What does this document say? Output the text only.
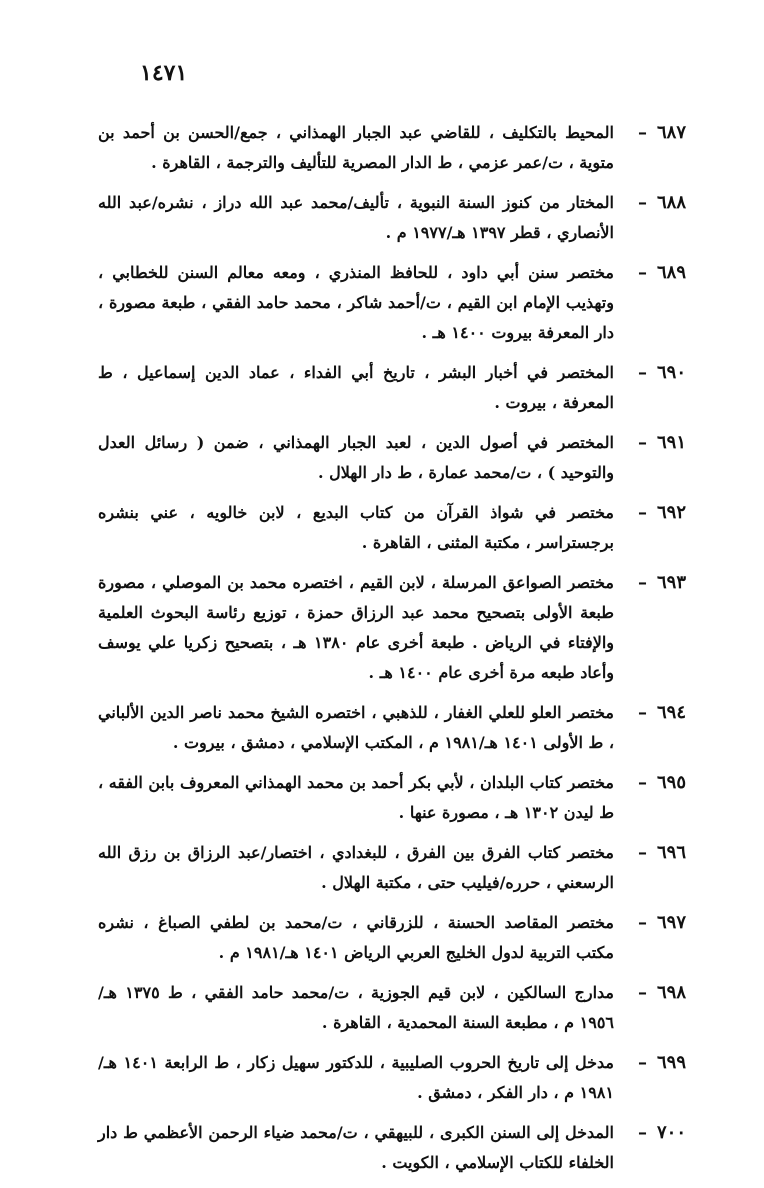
١٤٧١
٦٨٧–
المحيط بالتكليف ، للقاضي عبد الجبار الهمذاني ، جمع/الحسن بن أحمد بن متوية ، ت/عمر عزمي ، ط الدار المصرية للتأليف والترجمة ، القاهرة .
٦٨٨–
المختار من كنوز السنة النبوية ، تأليف/محمد عبد الله دراز ، نشره/عبد الله الأنصاري ، قطر ١٣٩٧ هـ/١٩٧٧ م .
٦٨٩–
مختصر سنن أبي داود ، للحافظ المنذري ، ومعه معالم السنن للخطابي ، وتهذيب الإمام ابن القيم ، ت/أحمد شاكر ، محمد حامد الفقي ، طبعة مصورة ، دار المعرفة بيروت ١٤٠٠ هـ .
٦٩٠–
المختصر في أخبار البشر ، تاريخ أبي الفداء ، عماد الدين إسماعيل ، ط المعرفة ، بيروت .
٦٩١–
المختصر في أصول الدين ، لعبد الجبار الهمذاني ، ضمن ( رسائل العدل والتوحيد ) ، ت/محمد عمارة ، ط دار الهلال .
٦٩٢–
مختصر في شواذ القرآن من كتاب البديع ، لابن خالويه ، عني بنشره برجستراسر ، مكتبة المثنى ، القاهرة .
٦٩٣–
مختصر الصواعق المرسلة ، لابن القيم ، اختصره محمد بن الموصلي ، مصورة طبعة الأولى بتصحيح محمد عبد الرزاق حمزة ، توزيع رئاسة البحوث العلمية والإفتاء في الرياض . طبعة أخرى عام ١٣٨٠ هـ ، بتصحيح زكريا علي يوسف وأعاد طبعه مرة أخرى عام ١٤٠٠ هـ .
٦٩٤–
مختصر العلو للعلي الغفار ، للذهبي ، اختصره الشيخ محمد ناصر الدين الألباني ، ط الأولى ١٤٠١ هـ/١٩٨١ م ، المكتب الإسلامي ، دمشق ، بيروت .
٦٩٥–
مختصر كتاب البلدان ، لأبي بكر أحمد بن محمد الهمذاني المعروف بابن الفقه ، ط ليدن ١٣٠٢ هـ ، مصورة عنها .
٦٩٦–
مختصر كتاب الفرق بين الفرق ، للبغدادي ، اختصار/عبد الرزاق بن رزق الله الرسعني ، حرره/فيليب حتى ، مكتبة الهلال .
٦٩٧–
مختصر المقاصد الحسنة ، للزرقاني ، ت/محمد بن لطفي الصباغ ، نشره مكتب التربية لدول الخليج العربي الرياض ١٤٠١ هـ/١٩٨١ م .
٦٩٨–
مدارج السالكين ، لابن قيم الجوزية ، ت/محمد حامد الفقي ، ط ١٣٧٥ هـ/ ١٩٥٦ م ، مطبعة السنة المحمدية ، القاهرة .
٦٩٩–
مدخل إلى تاريخ الحروب الصليبية ، للدكتور سهيل زكار ، ط الرابعة ١٤٠١ هـ/ ١٩٨١ م ، دار الفكر ، دمشق .
٧٠٠–
المدخل إلى السنن الكبرى ، للبيهقي ، ت/محمد ضياء الرحمن الأعظمي ط دار الخلفاء للكتاب الإسلامي ، الكويت .
